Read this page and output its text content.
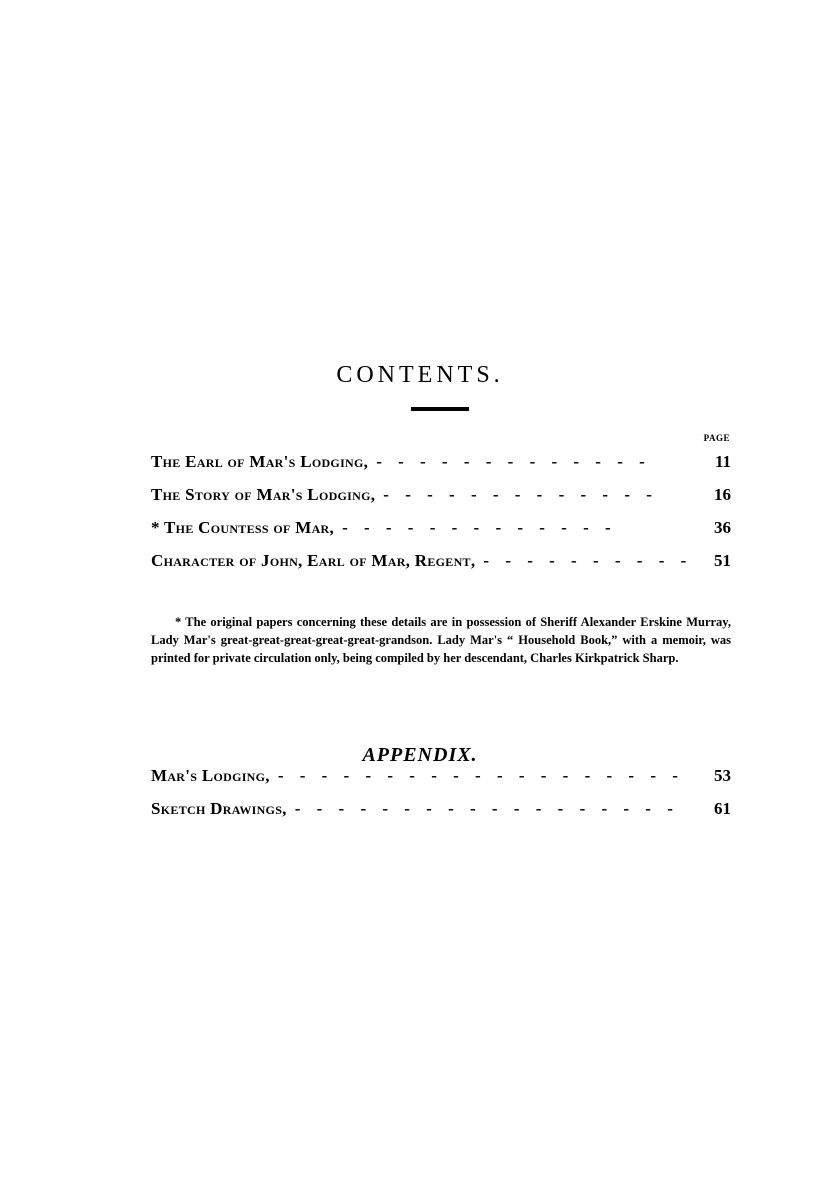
CONTENTS.
PAGE
The Earl of Mar's Lodging, - - - - - - - - - - - - -	11
The Story of Mar's Lodging, - - - - - - - - - - - - -	16
* The Countess of Mar, - - - - - - - - - - - - -	36
Character of John, Earl of Mar, Regent, - - - - - - - - - -	51

* The original papers concerning these details are in possession of Sheriff Alexander Erskine Murray, Lady Mar's great-great-great-great-great-grandson. Lady Mar's “ Household Book,” with a memoir, was printed for private circulation only, being compiled by her descendant, Charles Kirkpatrick Sharp.

APPENDIX.
Mar's Lodging, - - - - - - - - - - - - - - - - - - -	53
Sketch Drawings, - - - - - - - - - - - - - - - - - -	61
